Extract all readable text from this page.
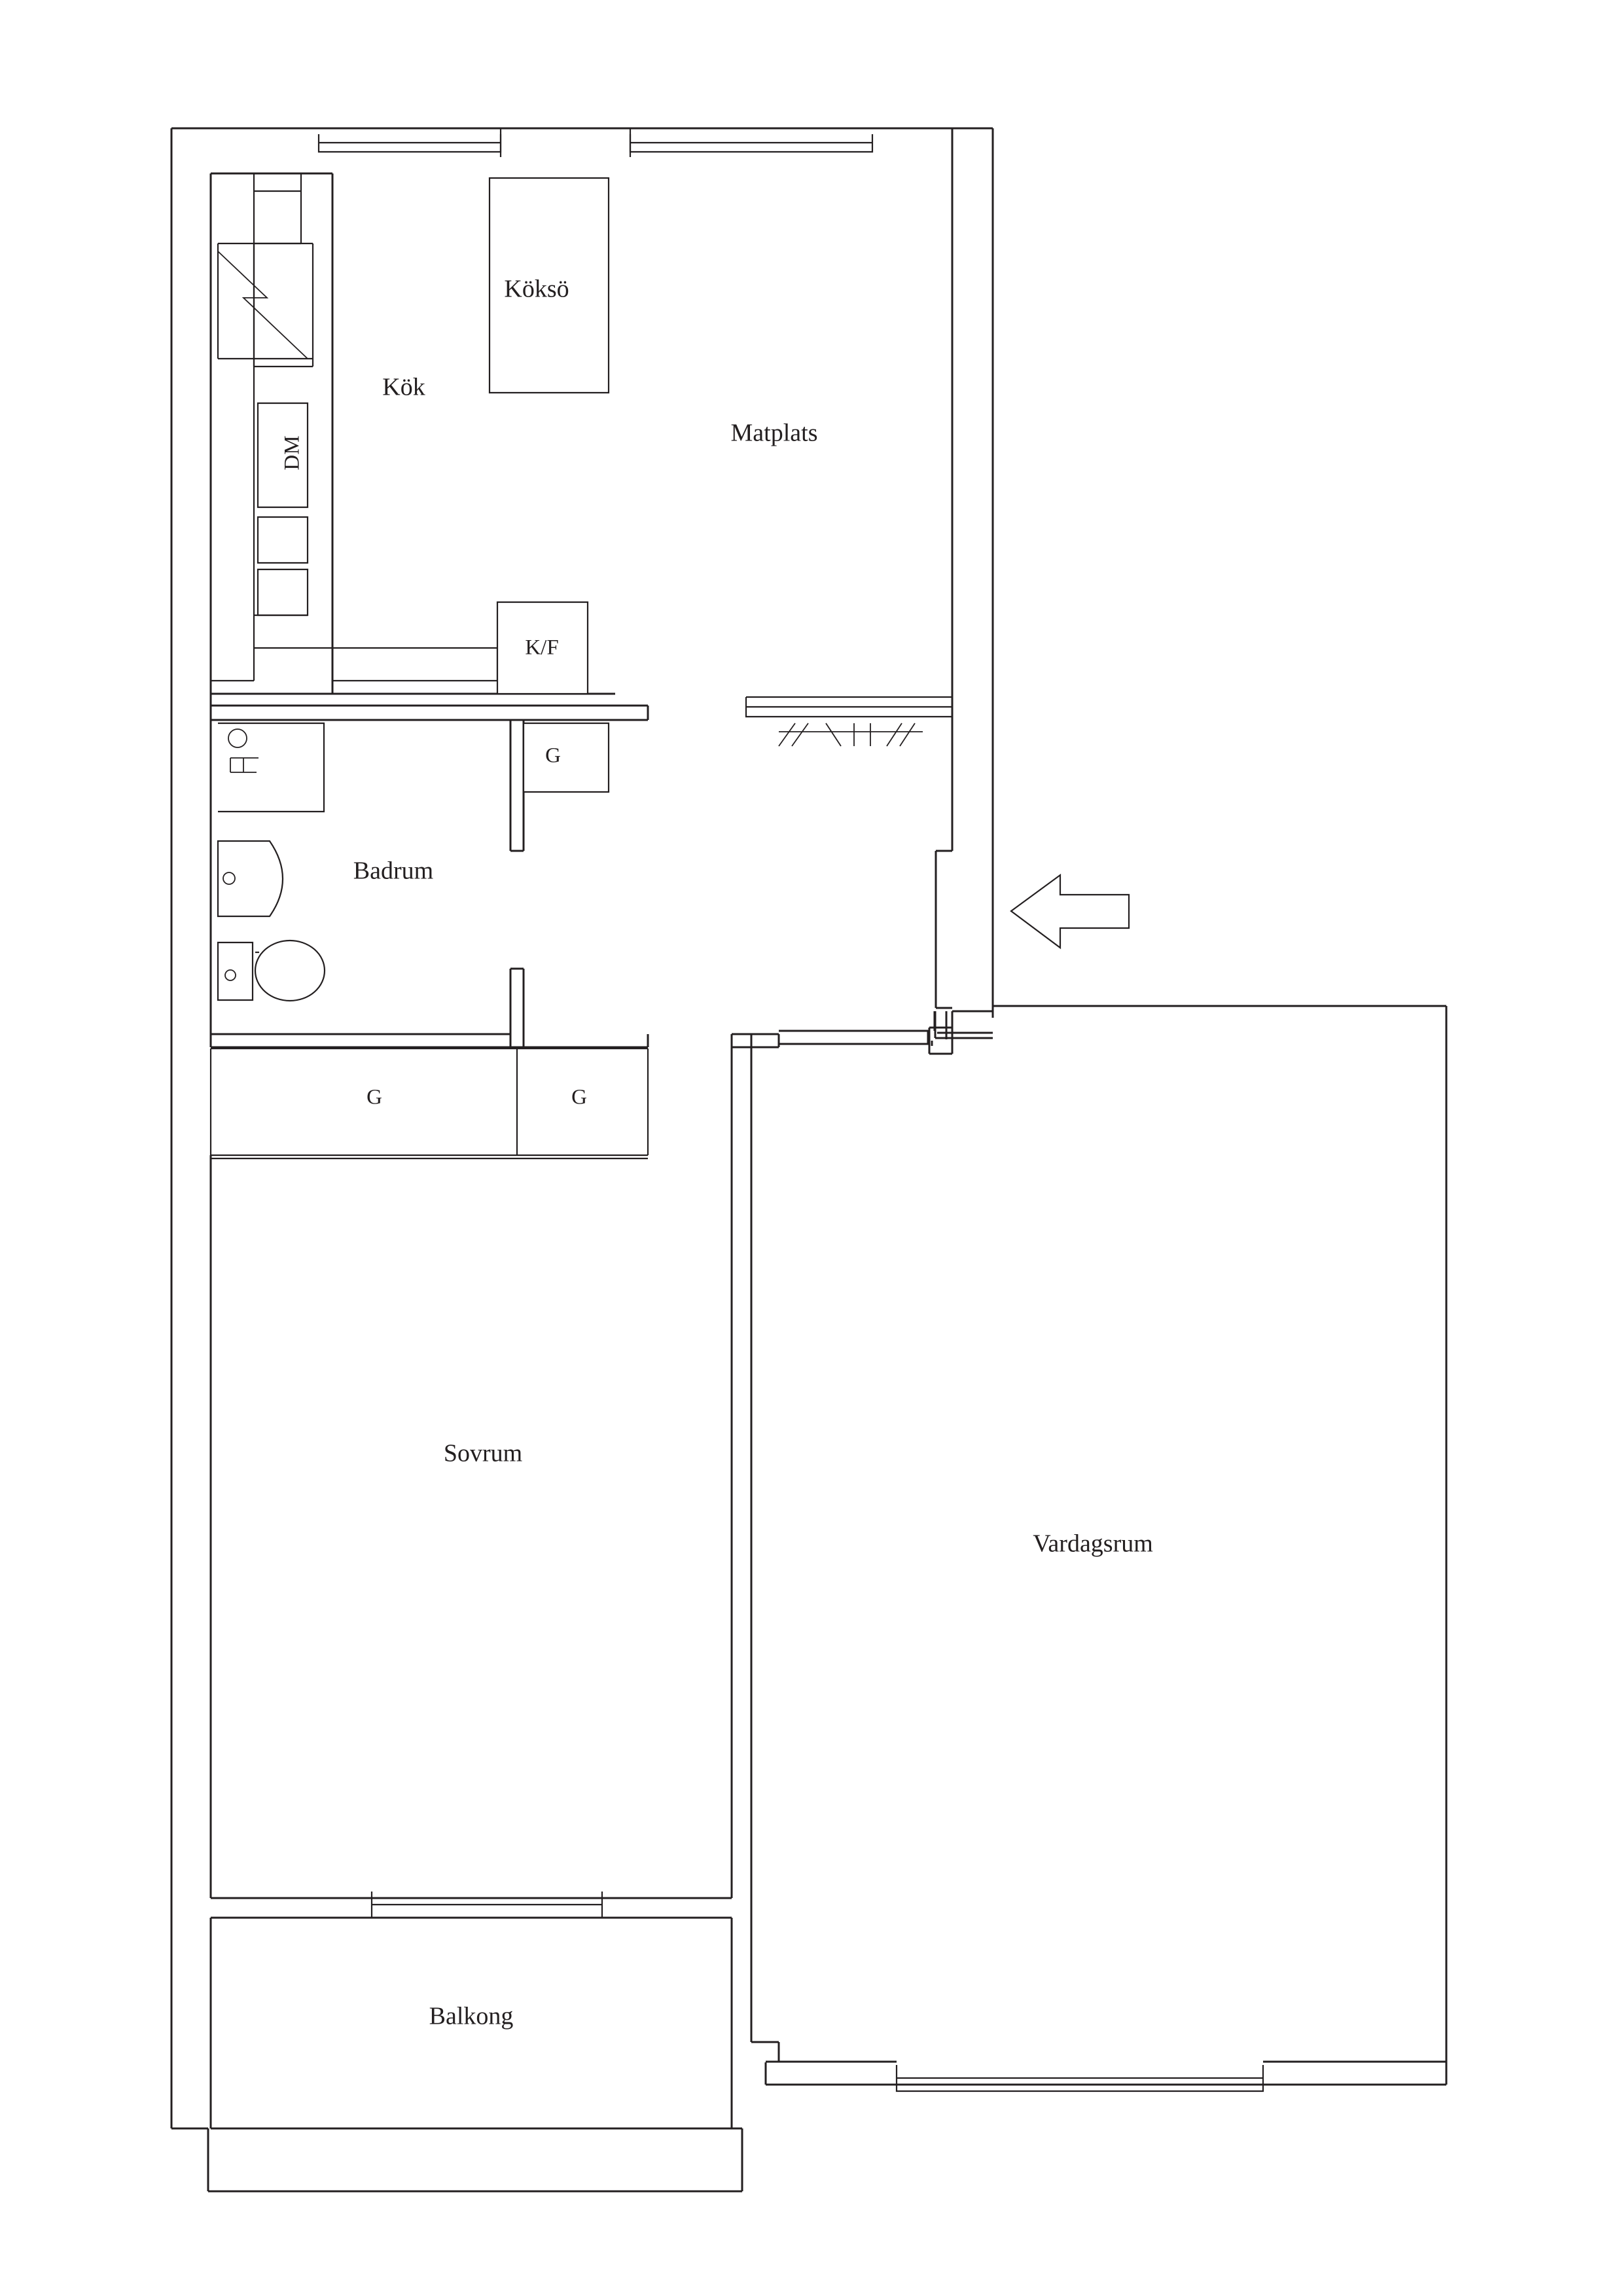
DM
K/F
Köksö
Kök
Matplats
G
Badrum
G	G
Sovrum
Balkong
Vardagsrum
